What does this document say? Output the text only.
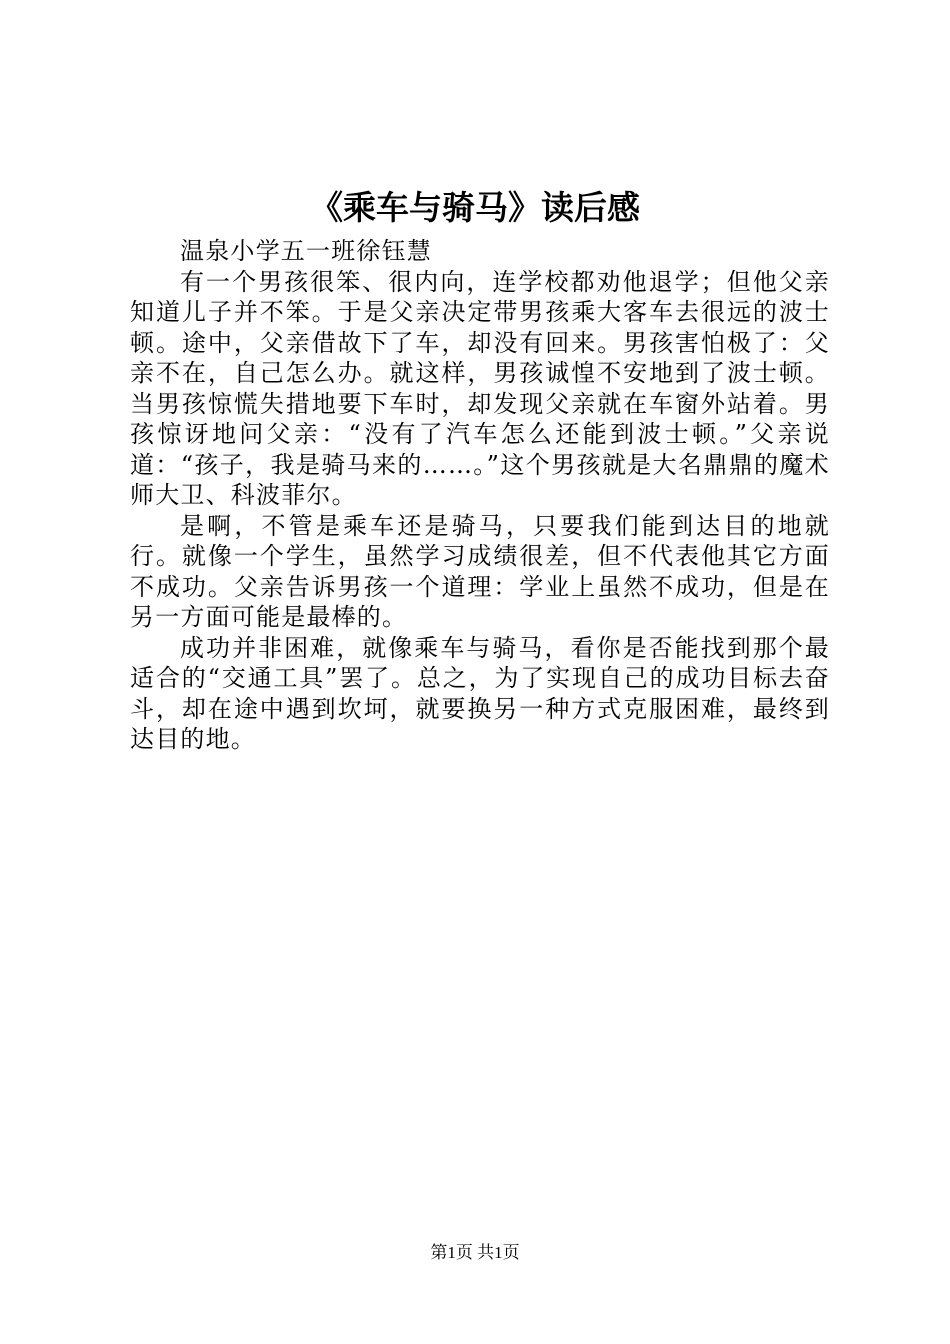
《乘车与骑马》读后感
温泉小学五一班徐钰慧

有一个男孩很笨、很内向，连学校都劝他退学；但他父亲知道儿子并不笨。于是父亲决定带男孩乘大客车去很远的波士顿。途中，父亲借故下了车，却没有回来。男孩害怕极了：父亲不在，自己怎么办。就这样，男孩诚惶不安地到了波士顿。当男孩惊慌失措地要下车时，却发现父亲就在车窗外站着。男孩惊讶地问父亲：“没有了汽车怎么还能到波士顿。”父亲说道：“孩子，我是骑马来的……。”这个男孩就是大名鼎鼎的魔术师大卫、科波菲尔。

是啊，不管是乘车还是骑马，只要我们能到达目的地就行。就像一个学生，虽然学习成绩很差，但不代表他其它方面不成功。父亲告诉男孩一个道理：学业上虽然不成功，但是在另一方面可能是最棒的。

成功并非困难，就像乘车与骑马，看你是否能找到那个最适合的“交通工具”罢了。总之，为了实现自己的成功目标去奋斗，却在途中遇到坎坷，就要换另一种方式克服困难，最终到达目的地。

第1页 共1页
